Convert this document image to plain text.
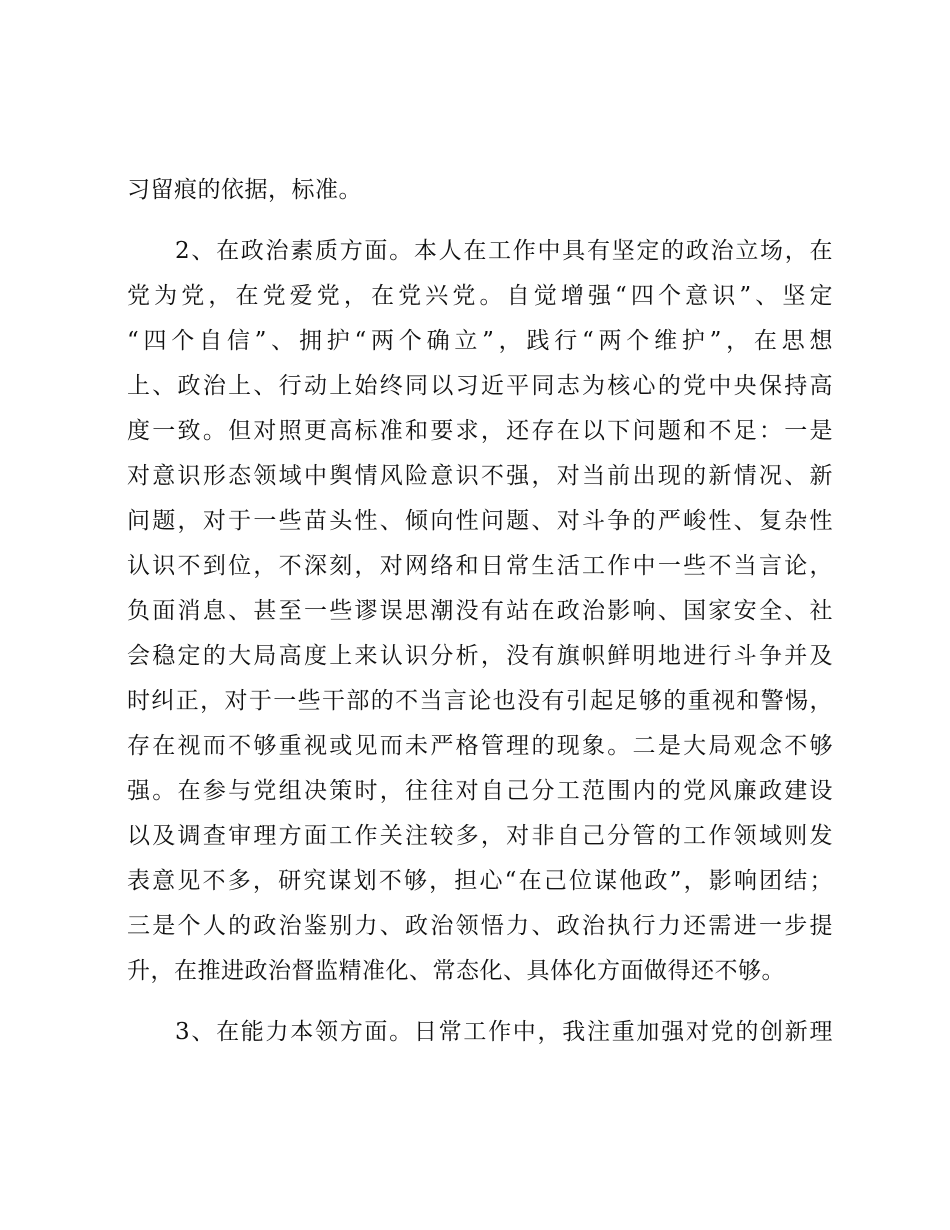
习留痕的依据，标准。

2、在政治素质方面。本人在工作中具有坚定的政治立场，在

党为党，在党爱党，在党兴党。自觉增强“四个意识”、坚定

“四个自信”、拥护“两个确立”，践行“两个维护”，在思想

上、政治上、行动上始终同以习近平同志为核心的党中央保持高

度一致。但对照更高标准和要求，还存在以下问题和不足：一是

对意识形态领域中舆情风险意识不强，对当前出现的新情况、新

问题，对于一些苗头性、倾向性问题、对斗争的严峻性、复杂性

认识不到位，不深刻，对网络和日常生活工作中一些不当言论，

负面消息、甚至一些谬误思潮没有站在政治影响、国家安全、社

会稳定的大局高度上来认识分析，没有旗帜鲜明地进行斗争并及

时纠正，对于一些干部的不当言论也没有引起足够的重视和警惕，

存在视而不够重视或见而未严格管理的现象。二是大局观念不够

强。在参与党组决策时，往往对自己分工范围内的党风廉政建设

以及调查审理方面工作关注较多，对非自己分管的工作领域则发

表意见不多，研究谋划不够，担心“在己位谋他政”，影响团结；

三是个人的政治鉴别力、政治领悟力、政治执行力还需进一步提

升，在推进政治督监精准化、常态化、具体化方面做得还不够。

3、在能力本领方面。日常工作中，我注重加强对党的创新理
